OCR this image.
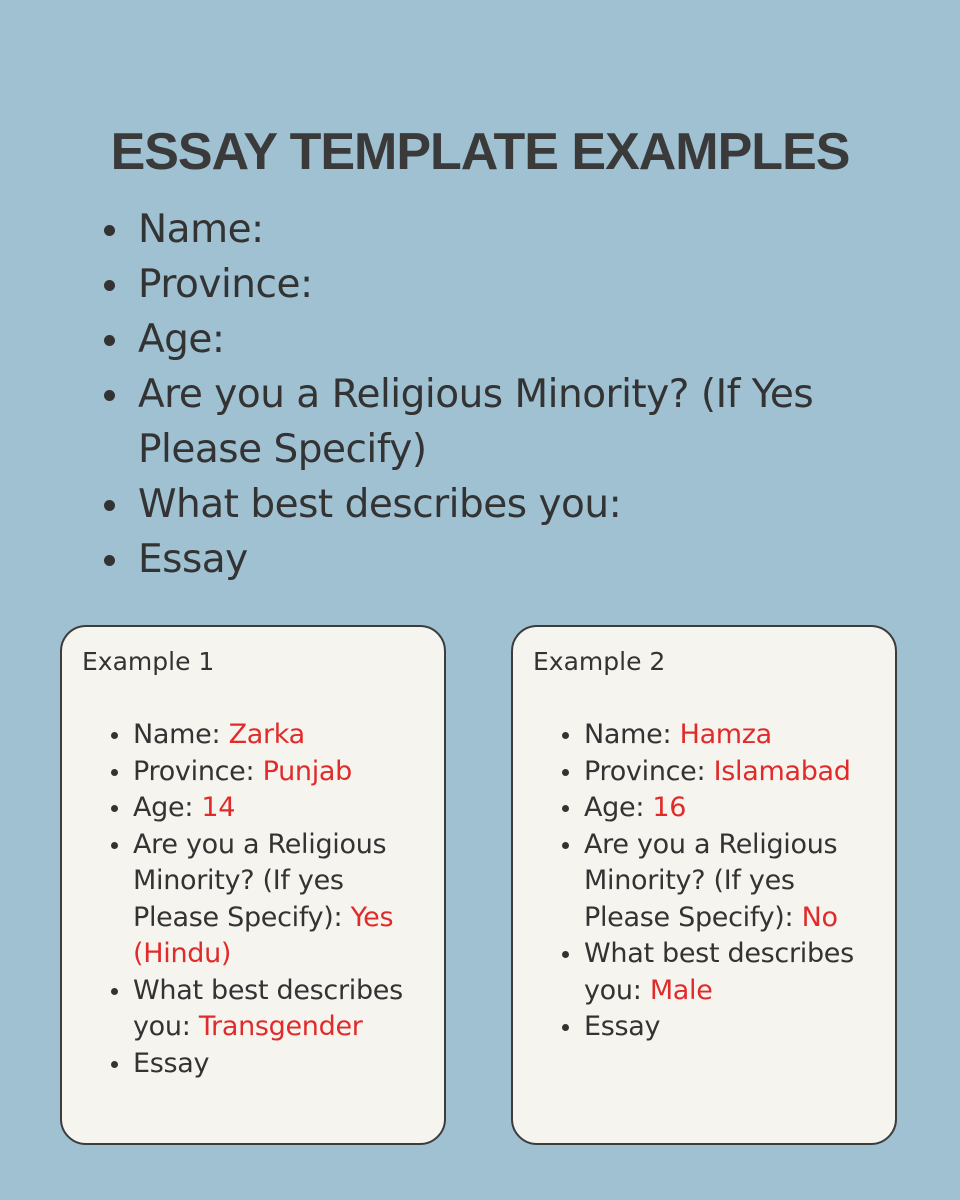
ESSAY TEMPLATE EXAMPLES
Name:
Province:
Age:
Are you a Religious Minority? (If Yes Please Specify)
What best describes you:
Essay
Example 1
Name: Zarka
Province: Punjab
Age: 14
Are you a Religious Minority? (If yes Please Specify): Yes (Hindu)
What best describes you: Transgender
Essay
Example 2
Name: Hamza
Province: Islamabad
Age: 16
Are you a Religious Minority? (If yes Please Specify): No
What best describes you: Male
Essay
